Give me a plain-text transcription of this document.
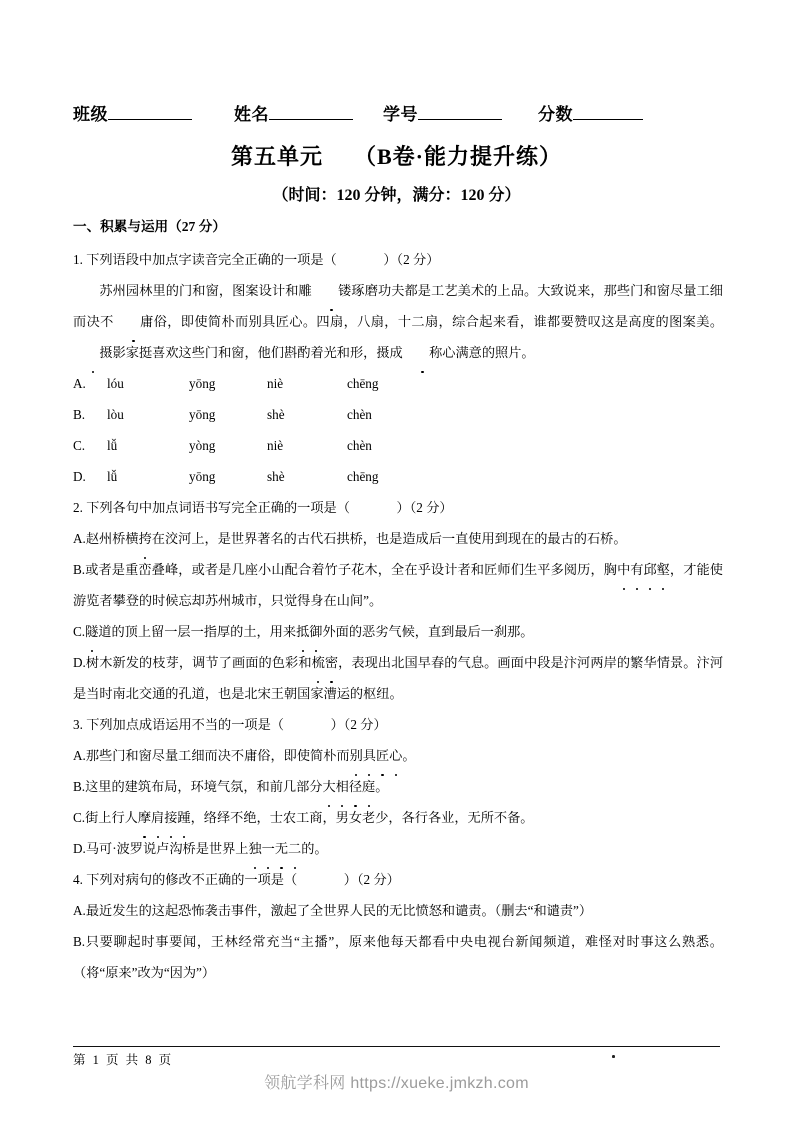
班级	姓名	学号	分数
第五单元 （B卷·能力提升练）
（时间：120 分钟，满分：120 分）
一、积累与运用（27 分）
1. 下列语段中加点字读音完全正确的一项是（	）（2 分）
苏州园林里的门和窗，图案设计和雕 镂琢磨功夫都是工艺美术的上品。大致说来，那些门和窗尽量工细而决不 庸俗，即使简朴而别具匠心。四扇，八扇，十二扇，综合起来看，谁都要赞叹这是高度的图案美。摄影家挺喜欢这些门和窗，他们斟酌着光和形，摄成 称心满意的照片。
A. lóu	yōng	niè	chēng
B. lòu	yōng	shè	chèn
C. lǚ	yòng	niè	chèn
D. lǚ	yōng	shè	chēng
2. 下列各句中加点词语书写完全正确的一项是（	）（2 分）
A.赵州桥横挎在洨河上，是世界著名的古代石拱桥，也是造成后一直使用到现在的最古的石桥。
B.或者是重峦叠峰，或者是几座小山配合着竹子花木，全在乎设计者和匠师们生平多阅历，胸中有邱壑，才能使游览者攀登的时候忘却苏州城市，只觉得身在山间”。
C.隧道的顶上留一层一指厚的土，用来抵御外面的恶劣气候，直到最后一刹那。
D.树木新发的枝芽，调节了画面的色彩和梳密，表现出北国早春的气息。画面中段是汴河两岸的繁华情景。汴河是当时南北交通的孔道，也是北宋王朝国家漕运的枢纽。
3. 下列加点成语运用不当的一项是（	）（2 分）
A.那些门和窗尽量工细而决不庸俗，即使简朴而别具匠心。
B.这里的建筑布局，环境气氛，和前几部分大相径庭。
C.街上行人摩肩接踵，络绎不绝，士农工商，男女老少，各行各业，无所不备。
D.马可·波罗说卢沟桥是世界上独一无二的。
4. 下列对病句的修改不正确的一项是（	）（2 分）
A.最近发生的这起恐怖袭击事件，激起了全世界人民的无比愤怒和谴责。（删去“和谴责”）
B.只要聊起时事要闻，王林经常充当“主播”，原来他每天都看中央电视台新闻频道，难怪对时事这么熟悉。（将“原来”改为“因为”）
第 1 页 共 8 页
领航学科网 https://xueke.jmkzh.com
